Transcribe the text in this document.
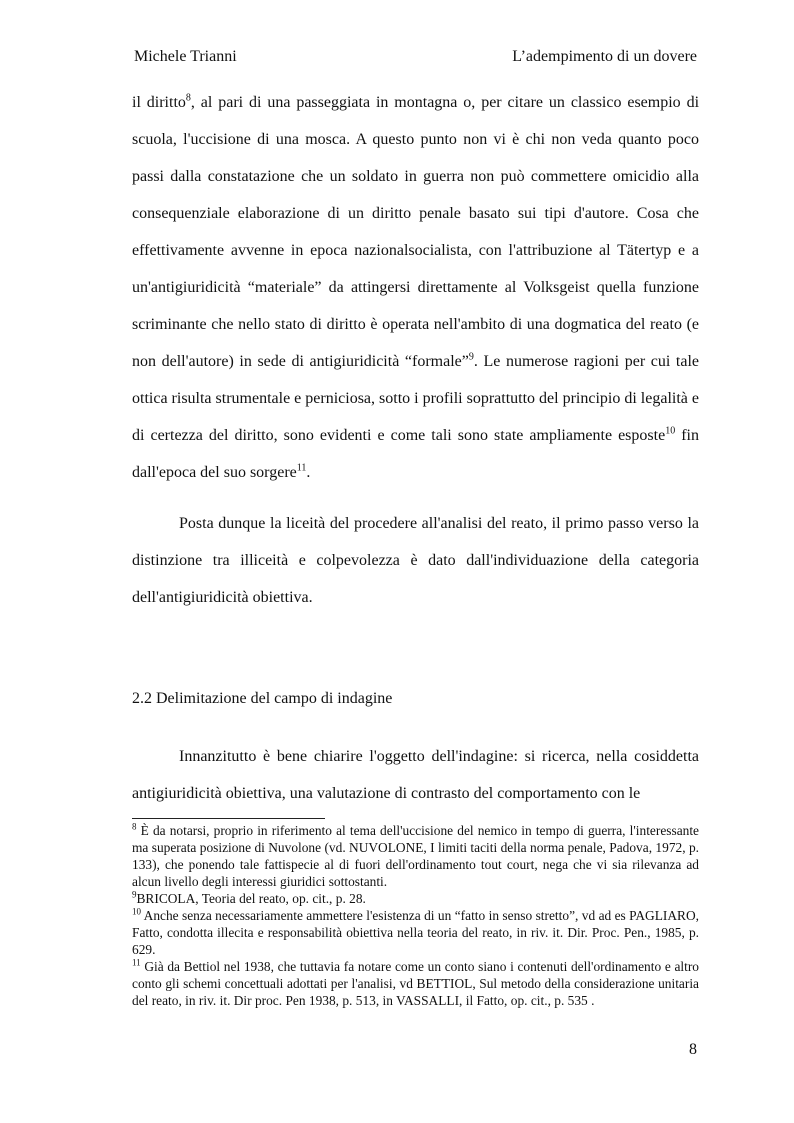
Michele Trianni	L’adempimento di un dovere
il diritto$^8$, al pari di una passeggiata in montagna o, per citare un classico esempio di scuola, l'uccisione di una mosca. A questo punto non vi è chi non veda quanto poco passi dalla constatazione che un soldato in guerra non può commettere omicidio alla consequenziale elaborazione di un diritto penale basato sui tipi d'autore. Cosa che effettivamente avvenne in epoca nazionalsocialista, con l'attribuzione al Tätertyp e a un'antigiuridicità “materiale” da attingersi direttamente al Volksgeist quella funzione scriminante che nello stato di diritto è operata nell'ambito di una dogmatica del reato (e non dell'autore) in sede di antigiuridicità “formale”$^9$. Le numerose ragioni per cui tale ottica risulta strumentale e perniciosa, sotto i profili soprattutto del principio di legalità e di certezza del diritto, sono evidenti e come tali sono state ampliamente esposte$^{10}$ fin dall'epoca del suo sorgere$^{11}$.
Posta dunque la liceità del procedere all'analisi del reato, il primo passo verso la distinzione tra illiceità e colpevolezza è dato dall'individuazione della categoria dell'antigiuridicità obiettiva.
2.2 Delimitazione del campo di indagine
Innanzitutto è bene chiarire l'oggetto dell'indagine: si ricerca, nella cosiddetta antigiuridicità obiettiva, una valutazione di contrasto del comportamento con le

$^8$ È da notarsi, proprio in riferimento al tema dell'uccisione del nemico in tempo di guerra, l'interessante ma superata posizione di Nuvolone (vd. NUVOLONE, I limiti taciti della norma penale, Padova, 1972, p. 133), che ponendo tale fattispecie al di fuori dell'ordinamento tout court, nega che vi sia rilevanza ad alcun livello degli interessi giuridici sottostanti.

$^9$BRICOLA, Teoria del reato, op. cit., p. 28.

$^{10}$ Anche senza necessariamente ammettere l'esistenza di un “fatto in senso stretto”, vd ad es PAGLIARO, Fatto, condotta illecita e responsabilità obiettiva nella teoria del reato, in riv. it. Dir. Proc. Pen., 1985, p. 629.

$^{11}$ Già da Bettiol nel 1938, che tuttavia fa notare come un conto siano i contenuti dell'ordinamento e altro conto gli schemi concettuali adottati per l'analisi, vd BETTIOL, Sul metodo della considerazione unitaria del reato, in riv. it. Dir proc. Pen 1938, p. 513, in VASSALLI, il Fatto, op. cit., p. 535 .

8
